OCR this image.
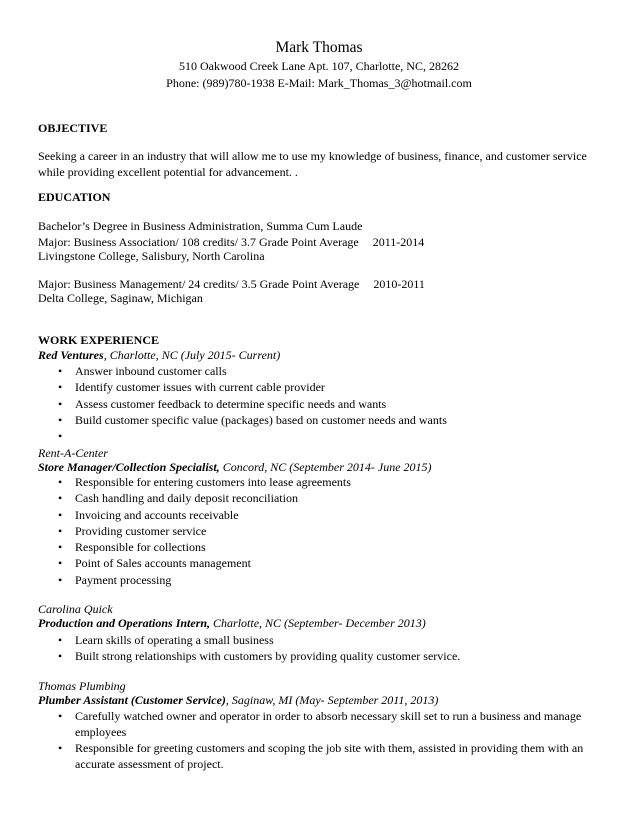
Mark Thomas
510 Oakwood Creek Lane Apt. 107, Charlotte, NC, 28262
Phone: (989)780-1938 E-Mail: Mark_Thomas_3@hotmail.com
OBJECTIVE
Seeking a career in an industry that will allow me to use my knowledge of business, finance, and customer service while providing excellent potential for advancement. .
EDUCATION
Bachelor’s Degree in Business Administration, Summa Cum Laude
Major: Business Association/ 108 credits/ 3.7 Grade Point Average 2011-2014
Livingstone College, Salisbury, North Carolina
Major: Business Management/ 24 credits/ 3.5 Grade Point Average 2010-2011
Delta College, Saginaw, Michigan
WORK EXPERIENCE
Red Ventures, Charlotte, NC (July 2015- Current)
• Answer inbound customer calls
• Identify customer issues with current cable provider
• Assess customer feedback to determine specific needs and wants
• Build customer specific value (packages) based on customer needs and wants
•
Rent-A-Center
Store Manager/Collection Specialist, Concord, NC (September 2014- June 2015)
• Responsible for entering customers into lease agreements
• Cash handling and daily deposit reconciliation
• Invoicing and accounts receivable
• Providing customer service
• Responsible for collections
• Point of Sales accounts management
• Payment processing
Carolina Quick
Production and Operations Intern, Charlotte, NC (September- December 2013)
• Learn skills of operating a small business
• Built strong relationships with customers by providing quality customer service.
Thomas Plumbing
Plumber Assistant (Customer Service), Saginaw, MI (May- September 2011, 2013)
• Carefully watched owner and operator in order to absorb necessary skill set to run a business and manage employees
• Responsible for greeting customers and scoping the job site with them, assisted in providing them with an accurate assessment of project.
